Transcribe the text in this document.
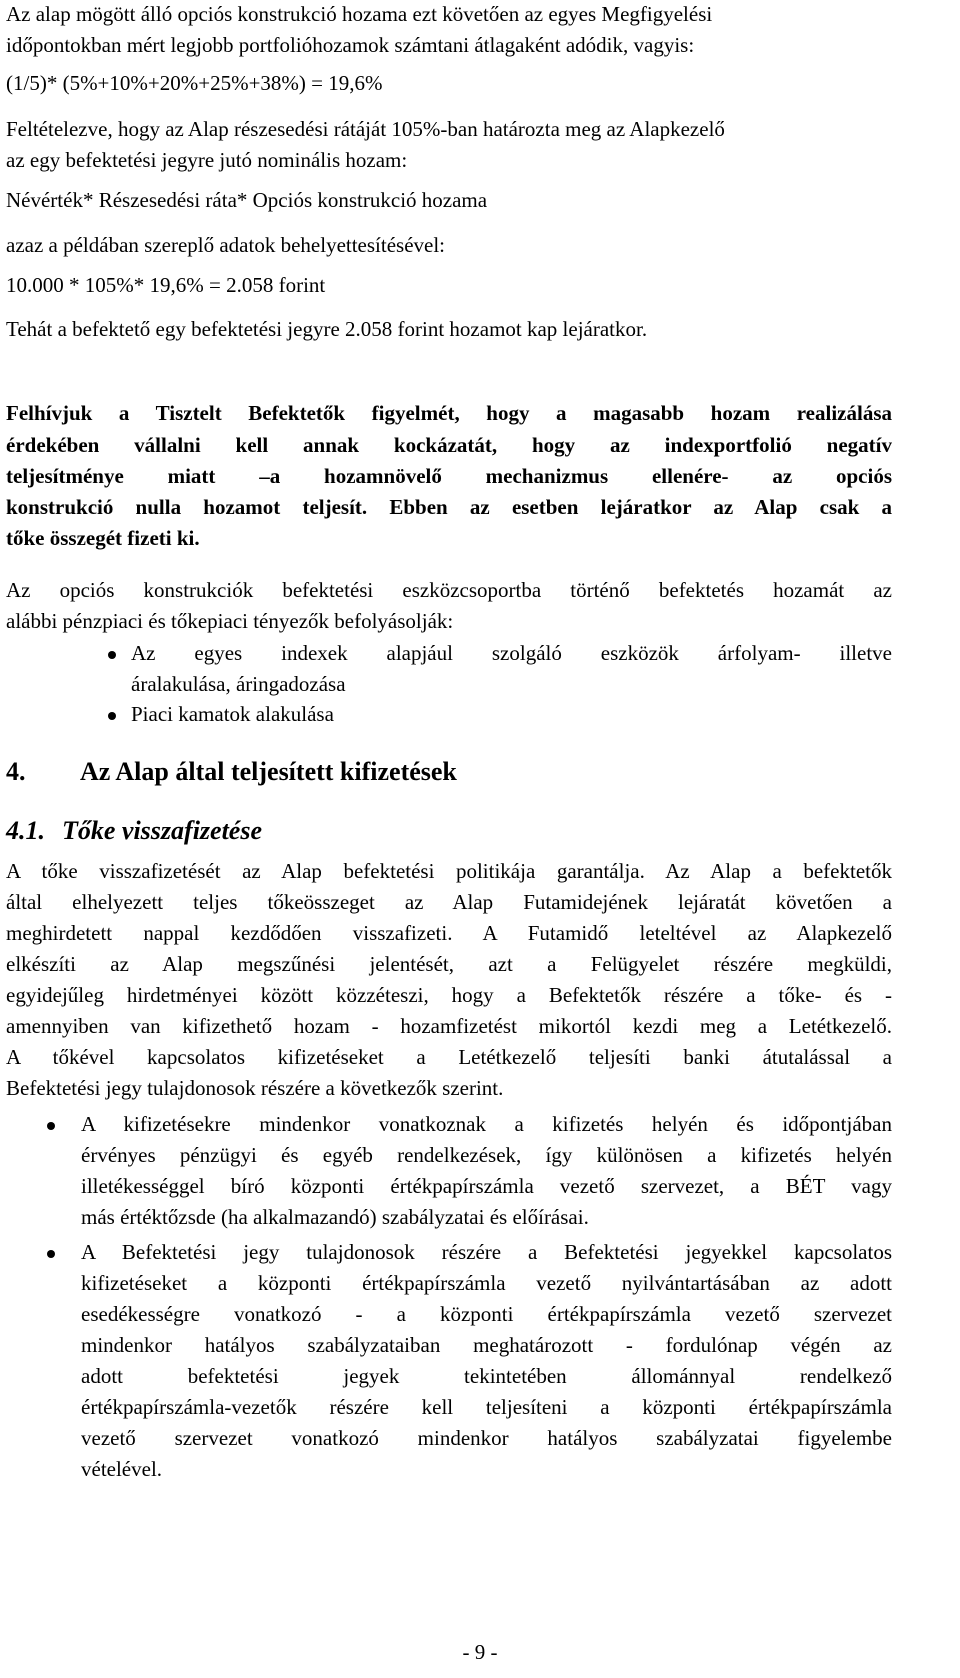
Az alap mögött álló opciós konstrukció hozama ezt követően az egyes Megfigyelési
időpontokban mért legjobb portfolióhozamok számtani átlagaként adódik, vagyis:
(1/5)* (5%+10%+20%+25%+38%) = 19,6%
Feltételezve, hogy az Alap részesedési rátáját 105%-ban határozta meg az Alapkezelő
az egy befektetési jegyre jutó nominális hozam:
Névérték* Részesedési ráta* Opciós konstrukció hozama
azaz a példában szereplő adatok behelyettesítésével:
10.000 * 105%* 19,6% = 2.058 forint
Tehát a befektető egy befektetési jegyre 2.058 forint hozamot kap lejáratkor.
Felhívjuk a Tisztelt Befektetők figyelmét, hogy a magasabb hozam realizálása
érdekében vállalni kell annak kockázatát, hogy az indexportfolió negatív
teljesítménye miatt –a hozamnövelő mechanizmus ellenére- az opciós
konstrukció nulla hozamot teljesít. Ebben az esetben lejáratkor az Alap csak a
tőke összegét fizeti ki.
Az opciós konstrukciók befektetési eszközcsoportba történő befektetés hozamát az
alábbi pénzpiaci és tőkepiaci tényezők befolyásolják:
Az egyes indexek alapjául szolgáló eszközök árfolyam- illetve
áralakulása, áringadozása
Piaci kamatok alakulása
4.	Az Alap által teljesített kifizetések
4.1. Tőke visszafizetése
A tőke visszafizetését az Alap befektetési politikája garantálja. Az Alap a befektetők
által elhelyezett teljes tőkeösszeget az Alap Futamidejének lejáratát követően a
meghirdetett nappal kezdődően visszafizeti. A Futamidő leteltével az Alapkezelő
elkészíti az Alap megszűnési jelentését, azt a Felügyelet részére megküldi,
egyidejűleg hirdetményei között közzéteszi, hogy a Befektetők részére a tőke- és -
amennyiben van kifizethető hozam - hozamfizetést mikortól kezdi meg a Letétkezelő.
A tőkével kapcsolatos kifizetéseket a Letétkezelő teljesíti banki átutalással a
Befektetési jegy tulajdonosok részére a következők szerint.
A kifizetésekre mindenkor vonatkoznak a kifizetés helyén és időpontjában
érvényes pénzügyi és egyéb rendelkezések, így különösen a kifizetés helyén
illetékességgel bíró központi értékpapírszámla vezető szervezet, a BÉT vagy
más értéktőzsde (ha alkalmazandó) szabályzatai és előírásai.
A Befektetési jegy tulajdonosok részére a Befektetési jegyekkel kapcsolatos
kifizetéseket a központi értékpapírszámla vezető nyilvántartásában az adott
esedékességre vonatkozó - a központi értékpapírszámla vezető szervezet
mindenkor hatályos szabályzataiban meghatározott - fordulónap végén az
adott befektetési jegyek tekintetében állománnyal rendelkező
értékpapírszámla-vezetők részére kell teljesíteni a központi értékpapírszámla
vezető szervezet vonatkozó mindenkor hatályos szabályzatai figyelembe
vételével.
- 9 -
